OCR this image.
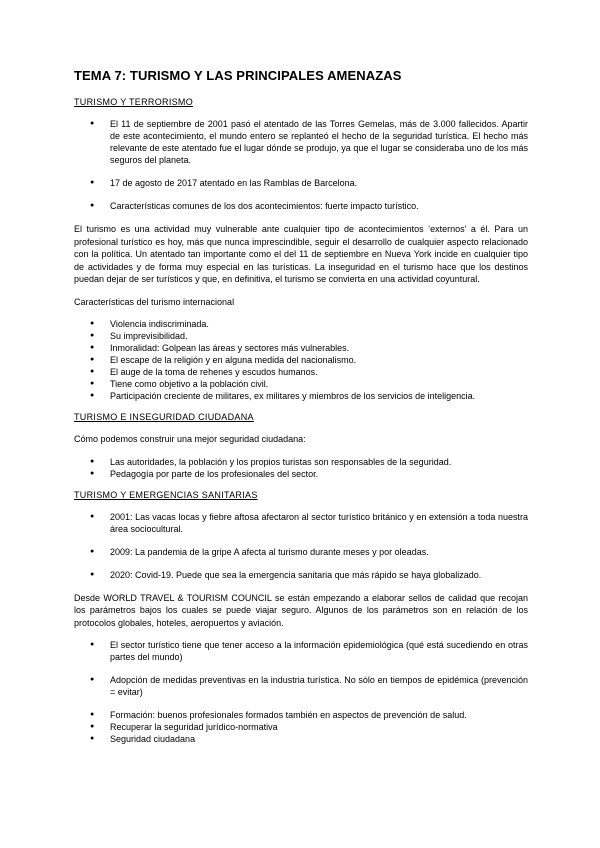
TEMA 7: TURISMO Y LAS PRINCIPALES AMENAZAS
TURISMO Y TERRORISMO
● El 11 de septiembre de 2001 pasó el atentado de las Torres Gemelas, más de 3.000 fallecidos. Apartir de este acontecimiento, el mundo entero se replanteó el hecho de la seguridad turística. El hecho más relevante de este atentado fue el lugar dónde se produjo, ya que el lugar se consideraba uno de los más seguros del planeta.
● 17 de agosto de 2017 atentado en las Ramblas de Barcelona.
● Características comunes de los dos acontecimientos: fuerte impacto turístico.

El turismo es una actividad muy vulnerable ante cualquier tipo de acontecimientos ‘externos’ a él. Para un profesional turístico es hoy, más que nunca imprescindible, seguir el desarrollo de cualquier aspecto relacionado con la política. Un atentado tan importante como el del 11 de septiembre en Nueva York incide en cualquier tipo de actividades y de forma muy especial en las turísticas. La inseguridad en el turismo hace que los destinos puedan dejar de ser turísticos y que, en definitiva, el turismo se convierta en una actividad coyuntural.

Características del turismo internacional

● Violencia indiscriminada.
● Su imprevisibilidad.
● Inmoralidad: Golpean las áreas y sectores más vulnerables.
● El escape de la religión y en alguna medida del nacionalismo.
● El auge de la toma de rehenes y escudos humanos.
● Tiene como objetivo a la población civil.
● Participación creciente de militares, ex militares y miembros de los servicios de inteligencia.
TURISMO E INSEGURIDAD CIUDADANA

Cómo podemos construir una mejor seguridad ciudadana:

● Las autoridades, la población y los propios turistas son responsables de la seguridad.
● Pedagogía por parte de los profesionales del sector.
TURISMO Y EMERGENCIAS SANITARIAS
● 2001: Las vacas locas y fiebre aftosa afectaron al sector turístico británico y en extensión a toda nuestra área sociocultural.
● 2009: La pandemia de la gripe A afecta al turismo durante meses y por oleadas.
● 2020: Covid-19. Puede que sea la emergencia sanitaria que más rápido se haya globalizado.

Desde WORLD TRAVEL & TOURISM COUNCIL se están empezando a elaborar sellos de calidad que recojan los parámetros bajos los cuales se puede viajar seguro. Algunos de los parámetros son en relación de los protocolos globales, hoteles, aeropuertos y aviación.

● El sector turístico tiene que tener acceso a la información epidemiológica (qué está sucediendo en otras partes del mundo)
● Adopción de medidas preventivas en la industria turística. No sólo en tiempos de epidémica (prevención = evitar)
● Formación: buenos profesionales formados también en aspectos de prevención de salud.
● Recuperar la seguridad jurídico-normativa
● Seguridad ciudadana
